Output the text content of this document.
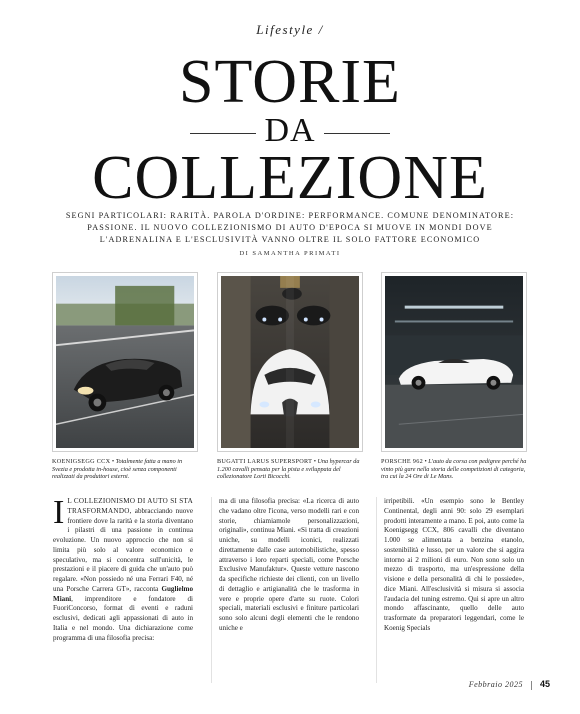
Lifestyle /
STORIE
DA
COLLEZIONE
SEGNI PARTICOLARI: RARITÀ. PAROLA D'ORDINE: PERFORMANCE. COMUNE DENOMINATORE: PASSIONE. IL NUOVO COLLEZIONISMO DI AUTO D'EPOCA SI MUOVE IN MONDI DOVE L'ADRENALINA E L'ESCLUSIVITÀ VANNO OLTRE IL SOLO FATTORE ECONOMICO
DI SAMANTHA PRIMATI
KOENIGSEGG CCX • Totalmente fatta a mano in Svezia e prodotta in-house, cioè senza componenti realizzati da produttori esterni.
BUGATTI LARUS SUPERSPORT • Una hypercar da 1.200 cavalli pensata per la pista e sviluppata del collezionatore Lorti Bicocchi.
PORSCHE 962 • L'auto da corsa con pedigree perché ha vinto più gare nella storia delle competizioni di categoria, tra cui la 24 Ore di Le Mans.
IL COLLEZIONISMO DI AUTO SI STA TRASFORMANDO, abbracciando nuove frontiere dove la rarità e la storia diventano i pilastri di una passione in continua evoluzione. Un nuovo approccio che non si limita più solo al valore economico e speculativo, ma si concentra sull'unicità, le prestazioni e il piacere di guida che un'auto può regalare. «Non possiedo né una Ferrari F40, né una Porsche Carrera GT», racconta Guglielmo Miani, imprenditore e fondatore di FuoriConcorso, format di eventi e raduni esclusivi, dedicati agli appassionati di auto in Italia e nel mondo. Una dichiarazione come programma di una filosofia precisa:
ma di una filosofia precisa: «La ricerca di auto che vadano oltre l'icona, verso modelli rari e con storie, chiamiamole personalizzazioni, originali», continua Miani. «Si tratta di creazioni uniche, su modelli iconici, realizzati direttamente dalle case automobilistiche, spesso attraverso i loro reparti speciali, come Porsche Exclusive Manufaktur». Queste vetture nascono da specifiche richieste dei clienti, con un livello di dettaglio e artigianalità che le trasforma in vere e proprie opere d'arte su ruote. Colori speciali, materiali esclusivi e finiture particolari sono solo alcuni degli elementi che le rendono uniche e
irripetibili. «Un esempio sono le Bentley Continental, degli anni 90: solo 29 esemplari prodotti interamente a mano. E poi, auto come la Koenigsegg CCX, 806 cavalli che diventano 1.000 se alimentata a benzina etanolo, sostenibilità e lusso, per un valore che si aggira intorno ai 2 milioni di euro. Non sono solo un mezzo di trasporto, ma un'espressione della visione e della personalità di chi le possiede», dice Miani. All'esclusività si misura si associa l'audacia del tuning estremo. Qui si apre un altro mondo affascinante, quello delle auto trasformate da preparatori leggendari, come le Koenig Specials
Febbraio 2025 45
